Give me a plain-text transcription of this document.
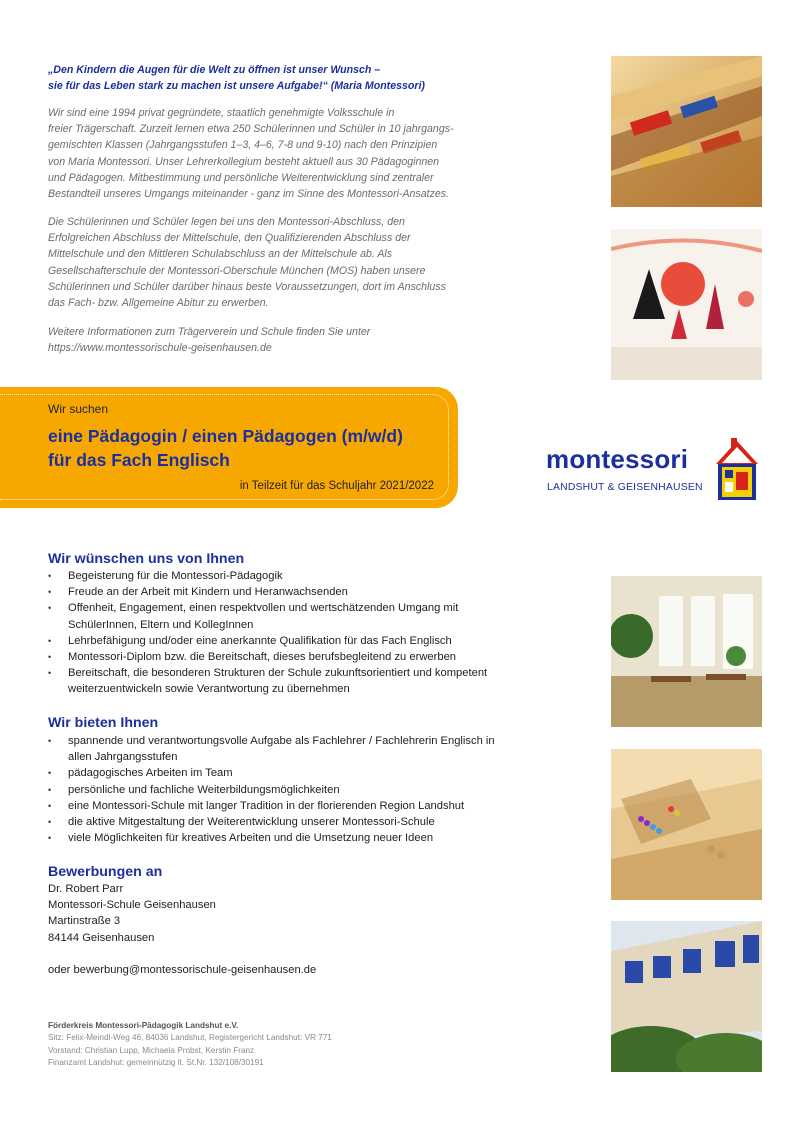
„Den Kindern die Augen für die Welt zu öffnen ist unser Wunsch –
sie für das Leben stark zu machen ist unsere Aufgabe!“ (Maria Montessori)
Wir sind eine 1994 privat gegründete, staatlich genehmigte Volksschule in
freier Trägerschaft. Zurzeit lernen etwa 250 Schülerinnen und Schüler in 10 jahrgangs-
gemischten Klassen (Jahrgangsstufen 1–3, 4–6, 7-8 und 9-10) nach den Prinzipien
von Maria Montessori. Unser Lehrerkollegium besteht aktuell aus 30 Pädagoginnen
und Pädagogen. Mitbestimmung und persönliche Weiterentwicklung sind zentraler
Bestandteil unseres Umgangs miteinander - ganz im Sinne des Montessori-Ansatzes.
Die Schülerinnen und Schüler legen bei uns den Montessori-Abschluss, den
Erfolgreichen Abschluss der Mittelschule, den Qualifizierenden Abschluss der
Mittelschule und den Mittleren Schulabschluss an der Mittelschule ab. Als
Gesellschafterschule der Montessori-Oberschule München (MOS) haben unsere
Schülerinnen und Schüler darüber hinaus beste Voraussetzungen, dort im Anschluss
das Fach- bzw. Allgemeine Abitur zu erwerben.
Weitere Informationen zum Trägerverein und Schule finden Sie unter
https://www.montessorischule-geisenhausen.de
Wir suchen
eine Pädagogin / einen Pädagogen (m/w/d)
für das Fach Englisch
in Teilzeit für das Schuljahr 2021/2022
montessori
LANDSHUT & GEISENHAUSEN
Wir wünschen uns von Ihnen
• Begeisterung für die Montessori-Pädagogik
• Freude an der Arbeit mit Kindern und Heranwachsenden
• Offenheit, Engagement, einen respektvollen und wertschätzenden Umgang mit SchülerInnen, Eltern und KollegInnen
• Lehrbefähigung und/oder eine anerkannte Qualifikation für das Fach Englisch
• Montessori-Diplom bzw. die Bereitschaft, dieses berufsbegleitend zu erwerben
• Bereitschaft, die besonderen Strukturen der Schule zukunftsorientiert und kompetent weiterzuentwickeln sowie Verantwortung zu übernehmen
Wir bieten Ihnen
• spannende und verantwortungsvolle Aufgabe als Fachlehrer / Fachlehrerin Englisch in allen Jahrgangsstufen
• pädagogisches Arbeiten im Team
• persönliche und fachliche Weiterbildungsmöglichkeiten
• eine Montessori-Schule mit langer Tradition in der florierenden Region Landshut
• die aktive Mitgestaltung der Weiterentwicklung unserer Montessori-Schule
• viele Möglichkeiten für kreatives Arbeiten und die Umsetzung neuer Ideen
Bewerbungen an
Dr. Robert Parr
Montessori-Schule Geisenhausen
Martinstraße 3
84144 Geisenhausen
oder bewerbung@montessorischule-geisenhausen.de
Förderkreis Montessori-Pädagogik Landshut e.V.
Sitz: Felix-Meindl-Weg 46, 84036 Landshut, Registergericht Landshut: VR 771
Vorstand: Christian Lupp, Michaela Probst, Kerstin Franz
Finanzamt Landshut: gemeinnützig lt. St.Nr. 132/108/30191
